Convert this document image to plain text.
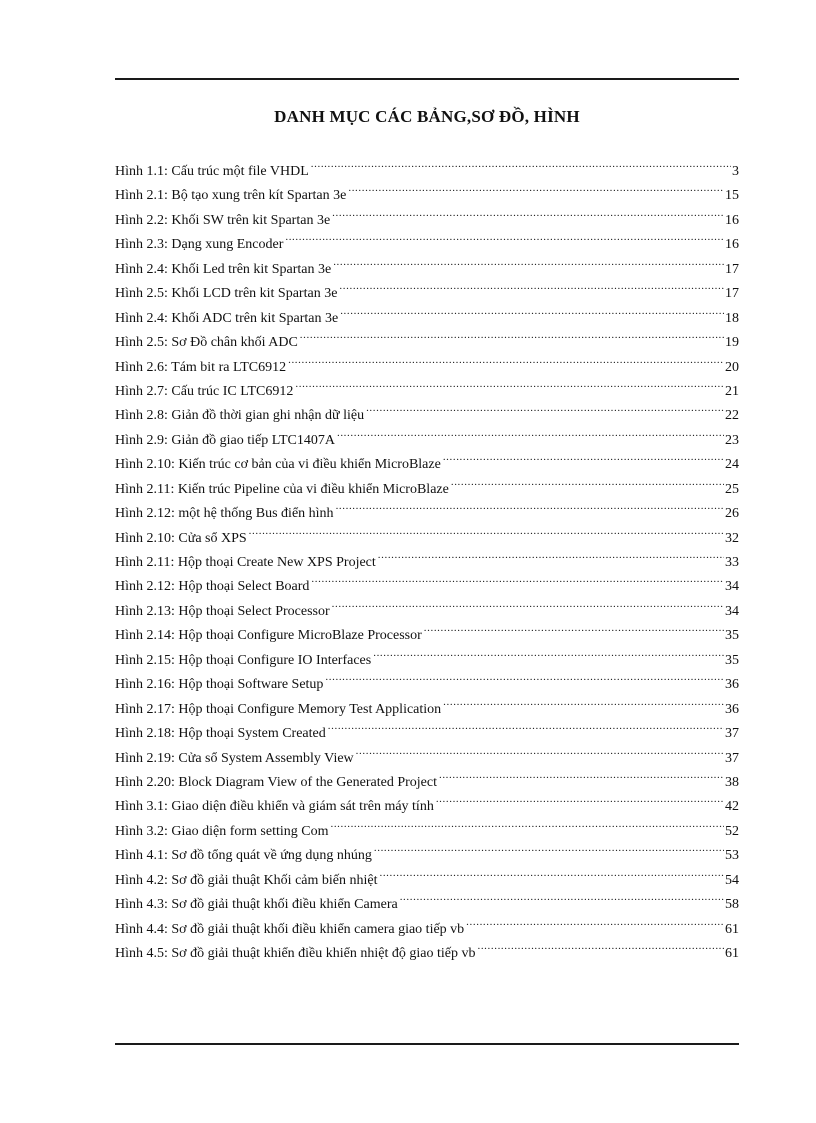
DANH MỤC CÁC BẢNG,SƠ ĐỒ, HÌNH
Hình 1.1: Cấu trúc một file VHDL .....	3
Hình 2.1: Bộ tạo xung trên kít Spartan 3e .....	15
Hình 2.2: Khối SW trên kit Spartan 3e .....	16
Hình 2.3: Dạng xung Encoder .....	16
Hình 2.4: Khối Led trên kit Spartan 3e .....	17
Hình 2.5: Khối LCD trên kit Spartan 3e .....	17
Hình 2.4: Khối ADC trên kit Spartan 3e .....	18
Hình 2.5: Sơ Đồ chân khối ADC .....	19
Hình 2.6: Tám bit ra LTC6912 .....	20
Hình 2.7: Cấu trúc IC LTC6912 .....	21
Hình 2.8: Giản đồ thời gian ghi nhận dữ liệu .....	22
Hình 2.9: Giản đồ giao tiếp LTC1407A .....	23
Hình 2.10: Kiến trúc cơ bản của vi điều khiển MicroBlaze .....	24
Hình 2.11: Kiến trúc Pipeline của vi điều khiển MicroBlaze .....	25
Hình 2.12: một hệ thống Bus điển hình .....	26
Hình 2.10: Cửa sổ XPS .....	32
Hình 2.11: Hộp thoại Create New XPS Project .....	33
Hình 2.12: Hộp thoại Select Board .....	34
Hình 2.13: Hộp thoại Select Processor .....	34
Hình 2.14: Hộp thoại Configure MicroBlaze Processor .....	35
Hình 2.15: Hộp thoại Configure IO Interfaces .....	35
Hình 2.16: Hộp thoại Software Setup .....	36
Hình 2.17: Hộp thoại Configure Memory Test Application .....	36
Hình 2.18: Hộp thoại System Created .....	37
Hình 2.19: Cửa sổ System Assembly View .....	37
Hình 2.20: Block Diagram View of the Generated Project .....	38
Hình 3.1: Giao diện điều khiển và giám sát trên máy tính .....	42
Hình 3.2: Giao diện form setting Com .....	52
Hình 4.1: Sơ đồ tổng quát về ứng dụng nhúng .....	53
Hình 4.2: Sơ đồ giải thuật Khối cảm biến nhiệt .....	54
Hình 4.3: Sơ đồ giải thuật khối điều khiển Camera .....	58
Hình 4.4: Sơ đồ giải thuật khối điều khiển camera giao tiếp vb .....	61
Hình 4.5: Sơ đồ giải thuật khiển điều khiển nhiệt độ giao tiếp vb .....	61
